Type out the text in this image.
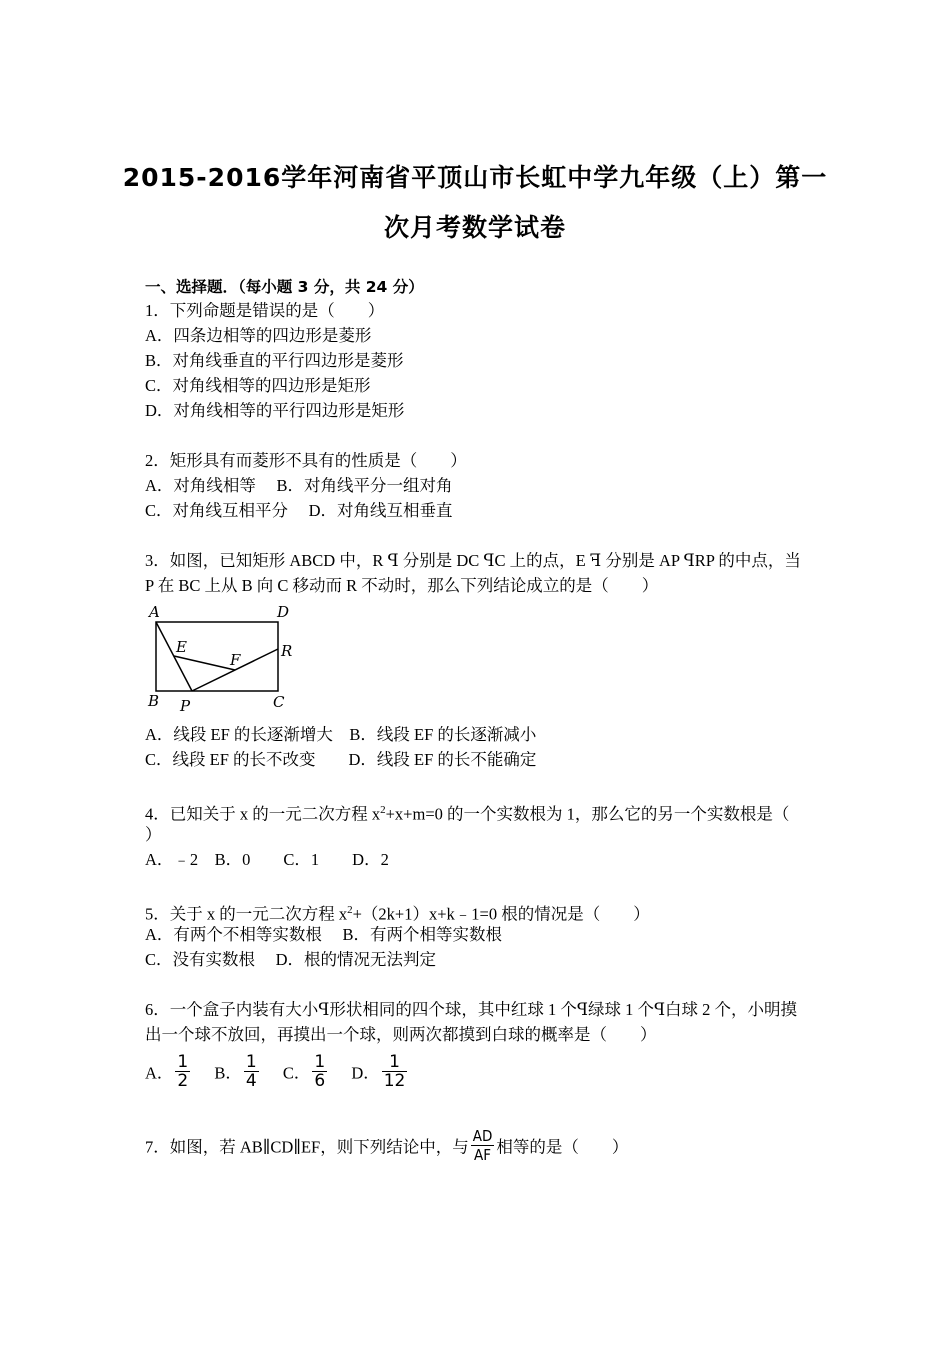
2015-2016学年河南省平顶山市长虹中学九年级（上）第一
次月考数学试卷
一、选择题．（每小题 3 分，共 24 分）
1．下列命题是错误的是（　　）
A．四条边相等的四边形是菱形
B．对角线垂直的平行四边形是菱形
C．对角线相等的四边形是矩形
D．对角线相等的平行四边形是矩形
2．矩形具有而菱形不具有的性质是（　　）
A．对角线相等　 B．对角线平分一组对角
C．对角线互相平分　 D．对角线互相垂直
3．如图，已知矩形 ABCD 中，R ꟼ 分别是 DC ꟼC 上的点，E ꟻ 分别是 AP ꟼRP 的中点，当
P 在 BC 上从 B 向 C 移动而 R 不动时，那么下列结论成立的是（　　）
A	D
B	C
E
F
P
R
A．线段 EF 的长逐渐增大　B．线段 EF 的长逐渐减小
C．线段 EF 的长不改变　　D．线段 EF 的长不能确定
4．已知关于 x 的一元二次方程 $x^2+x+m=0$ 的一个实数根为 1，那么它的另一个实数根是（
）
A．﹣2　B．0　　C．1　　D．2
5．关于 x 的一元二次方程 $x^2+(2k+1)x+k﹣1=0$ 根的情况是（　　）
A．有两个不相等实数根　 B．有两个相等实数根
C．没有实数根　 D．根的情况无法判定
6．一个盒子内装有大小ꟼ形状相同的四个球，其中红球 1 个ꟼ绿球 1 个ꟼ白球 2 个，小明摸
出一个球不放回，再摸出一个球，则两次都摸到白球的概率是（　　）
A． $\frac{1}{2}$ B． $\frac{1}{4}$ C． $\frac{1}{6}$ D． $\frac{1}{12}$
7．如图，若 AB∥CD∥EF，则下列结论中，与 $\frac{AD}{AF}$ 相等的是（　　）
